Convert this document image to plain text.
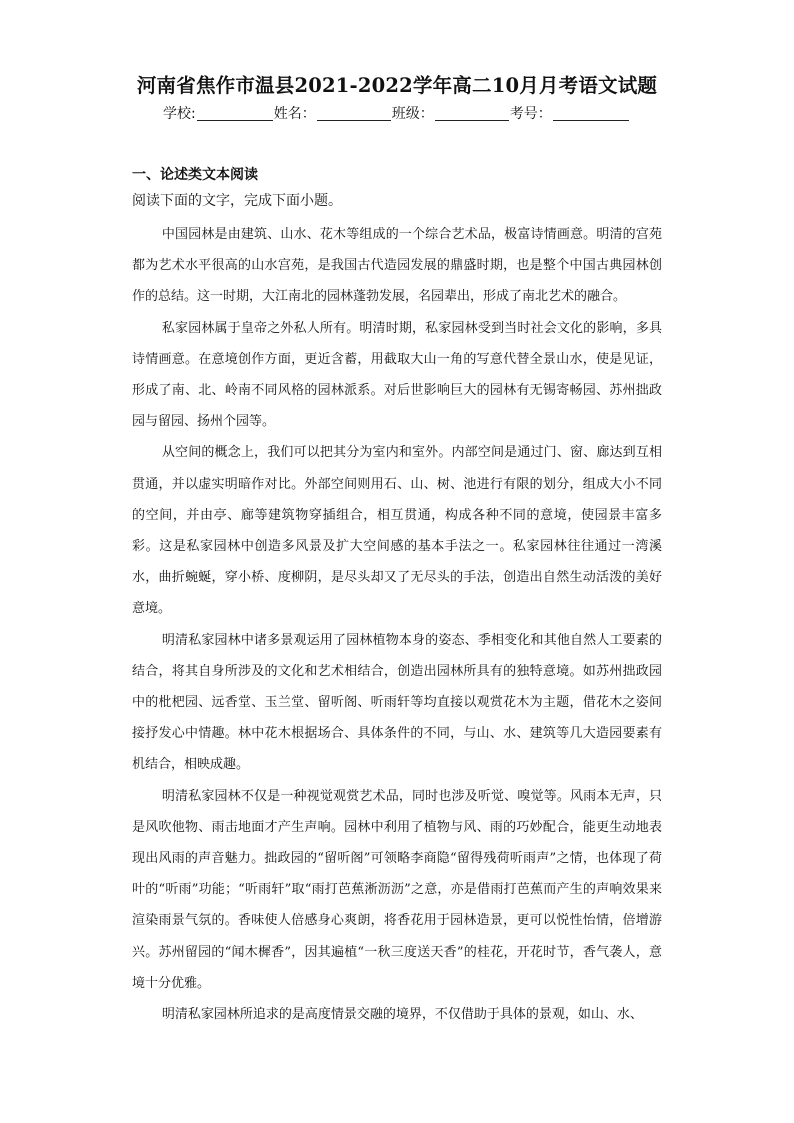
河南省焦作市温县2021-2022学年高二10月月考语文试题
学校:	姓名：	班级：	考号：
一、论述类文本阅读
阅读下面的文字，完成下面小题。

中国园林是由建筑、山水、花木等组成的一个综合艺术品，极富诗情画意。明清的宫苑都为艺术水平很高的山水宫苑，是我国古代造园发展的鼎盛时期，也是整个中国古典园林创作的总结。这一时期，大江南北的园林蓬勃发展，名园辈出，形成了南北艺术的融合。

私家园林属于皇帝之外私人所有。明清时期，私家园林受到当时社会文化的影响，多具诗情画意。在意境创作方面，更近含蓄，用截取大山一角的写意代替全景山水，使是见证，形成了南、北、岭南不同风格的园林派系。对后世影响巨大的园林有无锡寄畅园、苏州拙政园与留园、扬州个园等。

从空间的概念上，我们可以把其分为室内和室外。内部空间是通过门、窗、廊达到互相贯通，并以虚实明暗作对比。外部空间则用石、山、树、池进行有限的划分，组成大小不同的空间，并由亭、廊等建筑物穿插组合，相互贯通，构成各种不同的意境，使园景丰富多彩。这是私家园林中创造多风景及扩大空间感的基本手法之一。私家园林往往通过一湾溪水，曲折蜿蜒，穿小桥、度柳阴，是尽头却又了无尽头的手法，创造出自然生动活泼的美好意境。

明清私家园林中诸多景观运用了园林植物本身的姿态、季相变化和其他自然人工要素的结合，将其自身所涉及的文化和艺术相结合，创造出园林所具有的独特意境。如苏州拙政园中的枇杷园、远香堂、玉兰堂、留听阁、听雨轩等均直接以观赏花木为主题，借花木之姿间接抒发心中情趣。林中花木根据场合、具体条件的不同，与山、水、建筑等几大造园要素有机结合，相映成趣。

明清私家园林不仅是一种视觉观赏艺术品，同时也涉及听觉、嗅觉等。风雨本无声，只是风吹他物、雨击地面才产生声响。园林中利用了植物与风、雨的巧妙配合，能更生动地表现出风雨的声音魅力。拙政园的“留听阁”可领略李商隐“留得残荷听雨声”之情，也体现了荷叶的“听雨”功能；“听雨轩”取“雨打芭蕉淅沥沥”之意，亦是借雨打芭蕉而产生的声响效果来渲染雨景气氛的。香味使人倍感身心爽朗，将香花用于园林造景，更可以悦性怡情，倍增游兴。苏州留园的“闻木樨香”，因其遍植“一秋三度送天香”的桂花，开花时节，香气袭人，意境十分优雅。

明清私家园林所追求的是高度情景交融的境界，不仅借助于具体的景观，如山、水、
